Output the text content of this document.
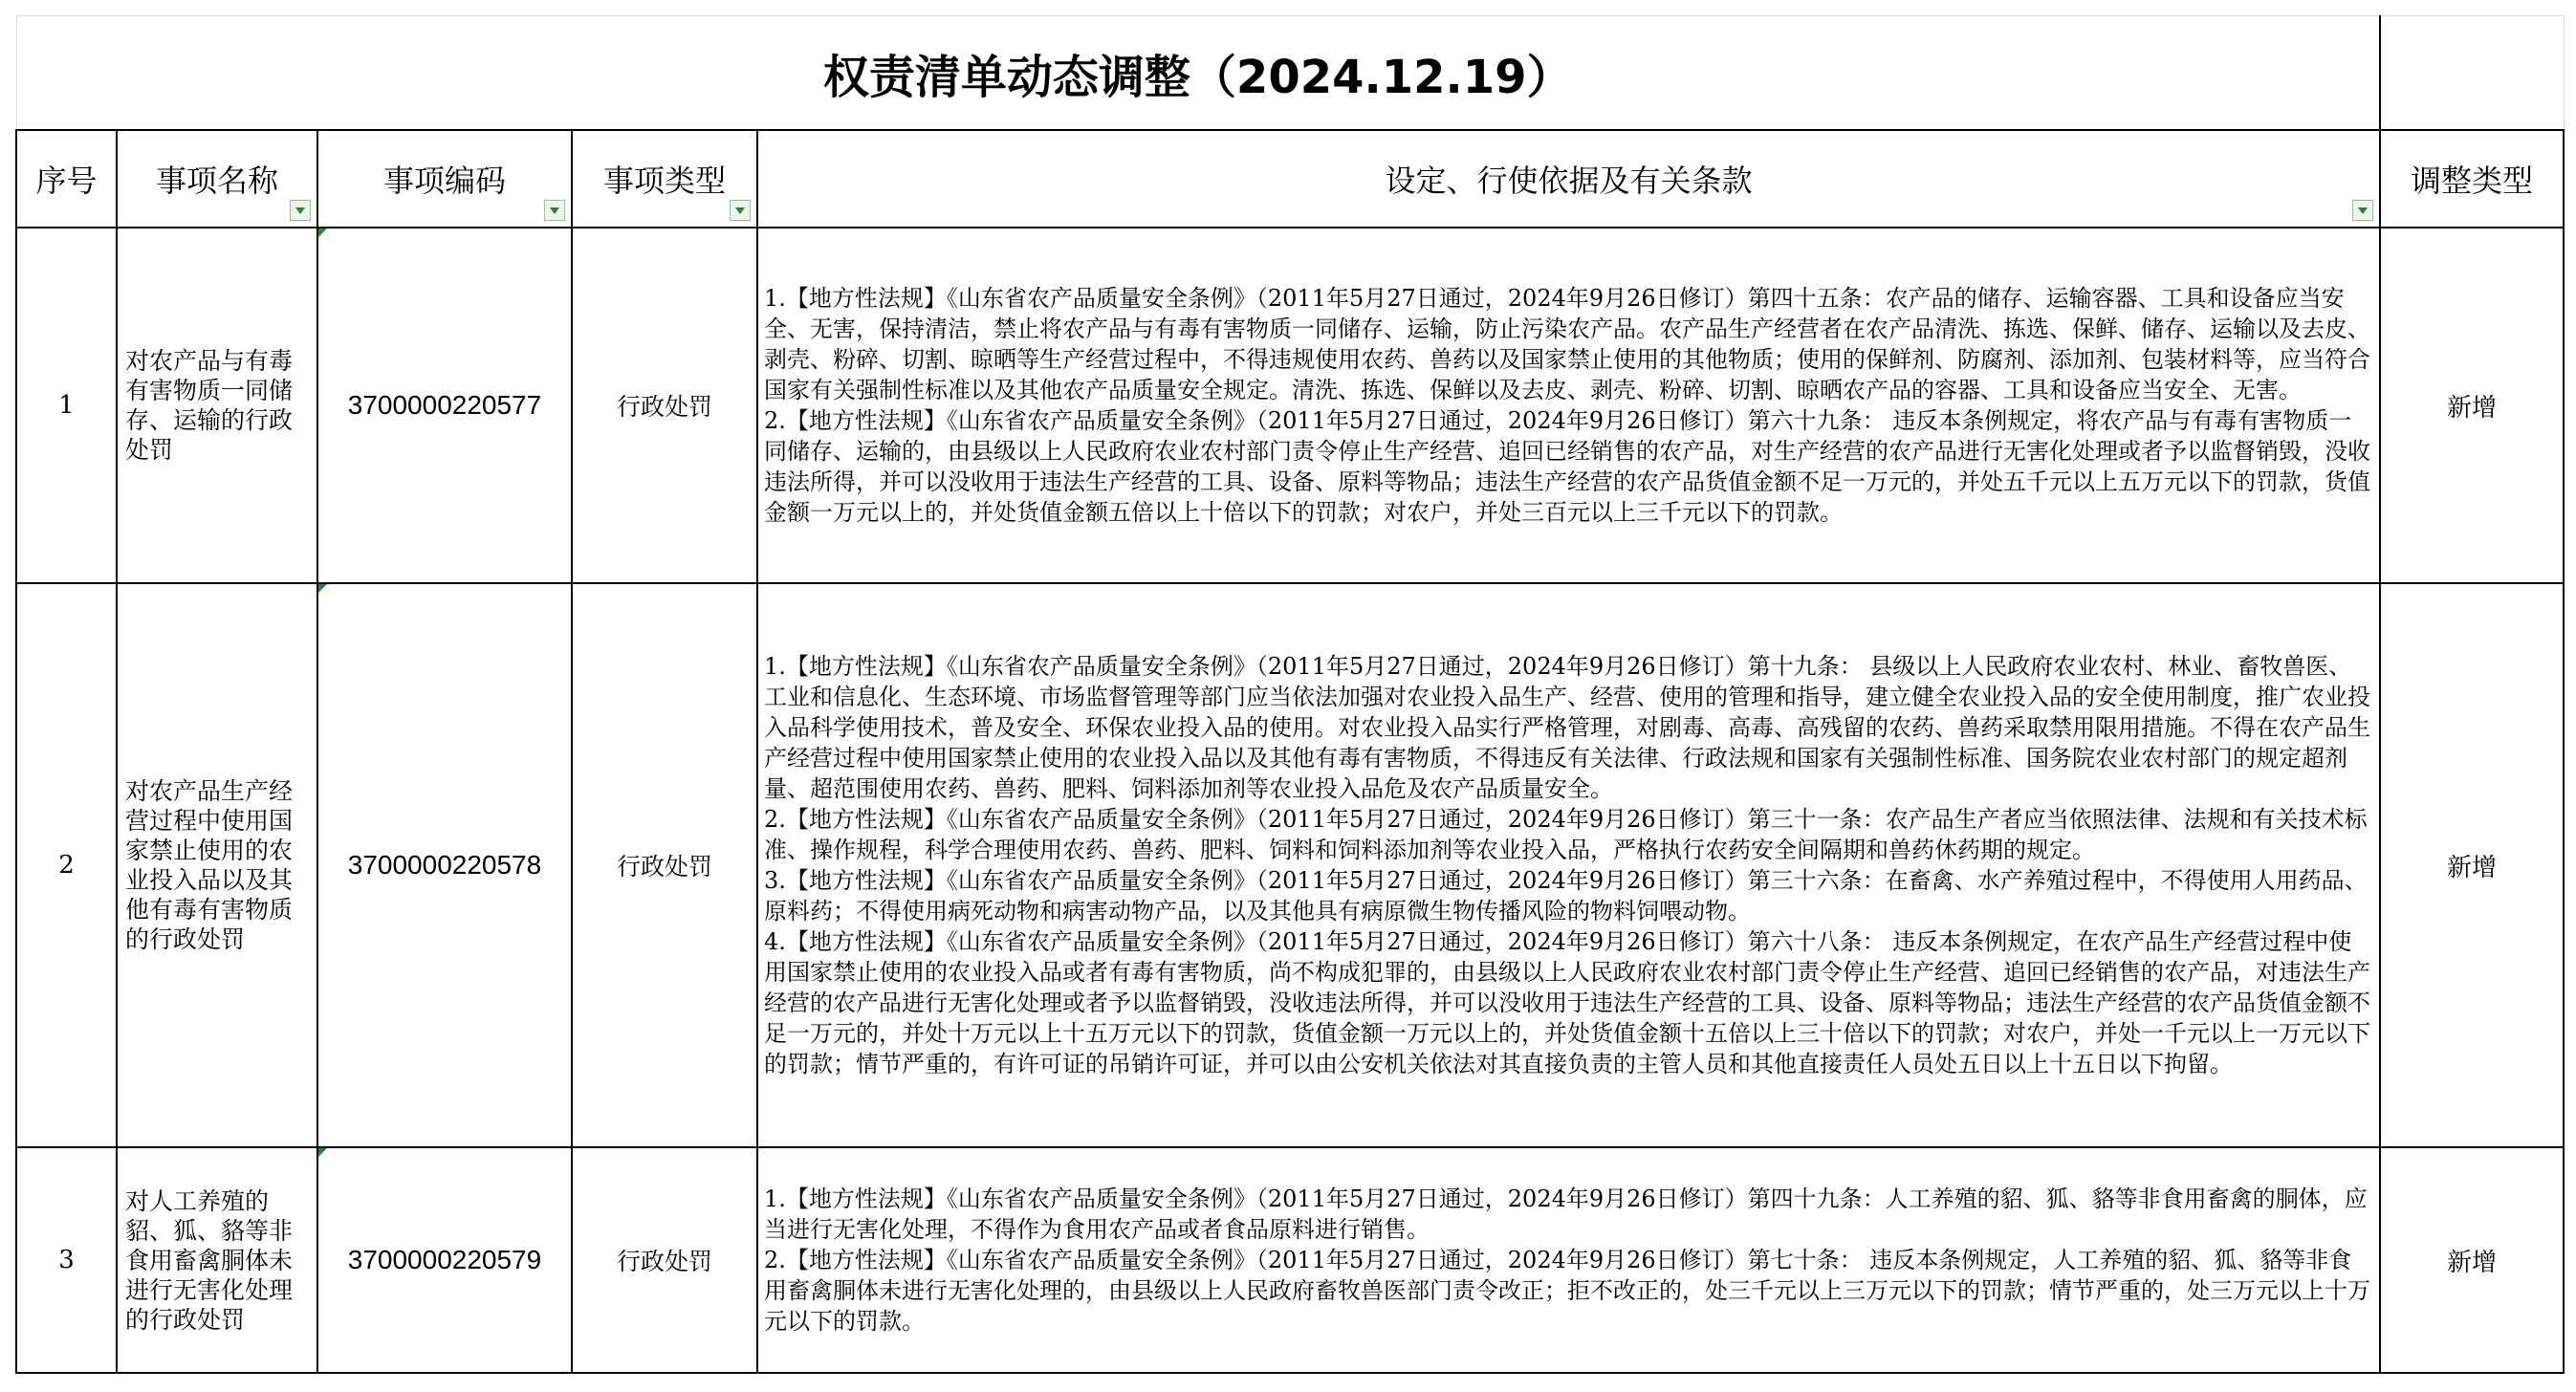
权责清单动态调整（2024.12.19）					
序号	事项名称	事项编码	事项类型	设定、行使依据及有关条款	调整类型
1	对农产品与有毒有害物质一同储存、运输的行政处罚	3700000220577	行政处罚	1.【地方性法规】《山东省农产品质量安全条例》（2011年5月27日通过，2024年9月26日修订）第四十五条：农产品的储存、运输容器、工具和设备应当安全、无害，保持清洁，禁止将农产品与有毒有害物质一同储存、运输，防止污染农产品。农产品生产经营者在农产品清洗、拣选、保鲜、储存、运输以及去皮、剥壳、粉碎、切割、晾晒等生产经营过程中，不得违规使用农药、兽药以及国家禁止使用的其他物质；使用的保鲜剂、防腐剂、添加剂、包装材料等，应当符合国家有关强制性标准以及其他农产品质量安全规定。清洗、拣选、保鲜以及去皮、剥壳、粉碎、切割、晾晒农产品的容器、工具和设备应当安全、无害。

2.【地方性法规】《山东省农产品质量安全条例》（2011年5月27日通过，2024年9月26日修订）第六十九条： 违反本条例规定，将农产品与有毒有害物质一同储存、运输的，由县级以上人民政府农业农村部门责令停止生产经营、追回已经销售的农产品，对生产经营的农产品进行无害化处理或者予以监督销毁，没收违法所得，并可以没收用于违法生产经营的工具、设备、原料等物品；违法生产经营的农产品货值金额不足一万元的，并处五千元以上五万元以下的罚款，货值金额一万元以上的，并处货值金额五倍以上十倍以下的罚款；对农户，并处三百元以上三千元以下的罚款。	新增
2	对农产品生产经营过程中使用国家禁止使用的农业投入品以及其他有毒有害物质的行政处罚	3700000220578	行政处罚	1.【地方性法规】《山东省农产品质量安全条例》（2011年5月27日通过，2024年9月26日修订）第十九条： 县级以上人民政府农业农村、林业、畜牧兽医、工业和信息化、生态环境、市场监督管理等部门应当依法加强对农业投入品生产、经营、使用的管理和指导，建立健全农业投入品的安全使用制度，推广农业投入品科学使用技术，普及安全、环保农业投入品的使用。对农业投入品实行严格管理，对剧毒、高毒、高残留的农药、兽药采取禁用限用措施。不得在农产品生产经营过程中使用国家禁止使用的农业投入品以及其他有毒有害物质，不得违反有关法律、行政法规和国家有关强制性标准、国务院农业农村部门的规定超剂量、超范围使用农药、兽药、肥料、饲料添加剂等农业投入品危及农产品质量安全。

2.【地方性法规】《山东省农产品质量安全条例》（2011年5月27日通过，2024年9月26日修订）第三十一条：农产品生产者应当依照法律、法规和有关技术标准、操作规程，科学合理使用农药、兽药、肥料、饲料和饲料添加剂等农业投入品，严格执行农药安全间隔期和兽药休药期的规定。

3.【地方性法规】《山东省农产品质量安全条例》（2011年5月27日通过，2024年9月26日修订）第三十六条：在畜禽、水产养殖过程中，不得使用人用药品、原料药；不得使用病死动物和病害动物产品，以及其他具有病原微生物传播风险的物料饲喂动物。

4.【地方性法规】《山东省农产品质量安全条例》（2011年5月27日通过，2024年9月26日修订）第六十八条： 违反本条例规定，在农产品生产经营过程中使用国家禁止使用的农业投入品或者有毒有害物质，尚不构成犯罪的，由县级以上人民政府农业农村部门责令停止生产经营、追回已经销售的农产品，对违法生产经营的农产品进行无害化处理或者予以监督销毁，没收违法所得，并可以没收用于违法生产经营的工具、设备、原料等物品；违法生产经营的农产品货值金额不足一万元的，并处十万元以上十五万元以下的罚款，货值金额一万元以上的，并处货值金额十五倍以上三十倍以下的罚款；对农户，并处一千元以上一万元以下的罚款；情节严重的，有许可证的吊销许可证，并可以由公安机关依法对其直接负责的主管人员和其他直接责任人员处五日以上十五日以下拘留。	新增
3	对人工养殖的貂、狐、貉等非食用畜禽胴体未进行无害化处理的行政处罚	3700000220579	行政处罚	1.【地方性法规】《山东省农产品质量安全条例》（2011年5月27日通过，2024年9月26日修订）第四十九条：人工养殖的貂、狐、貉等非食用畜禽的胴体，应当进行无害化处理，不得作为食用农产品或者食品原料进行销售。

2.【地方性法规】《山东省农产品质量安全条例》（2011年5月27日通过，2024年9月26日修订）第七十条： 违反本条例规定，人工养殖的貂、狐、貉等非食用畜禽胴体未进行无害化处理的，由县级以上人民政府畜牧兽医部门责令改正；拒不改正的，处三千元以上三万元以下的罚款；情节严重的，处三万元以上十万元以下的罚款。	新增
